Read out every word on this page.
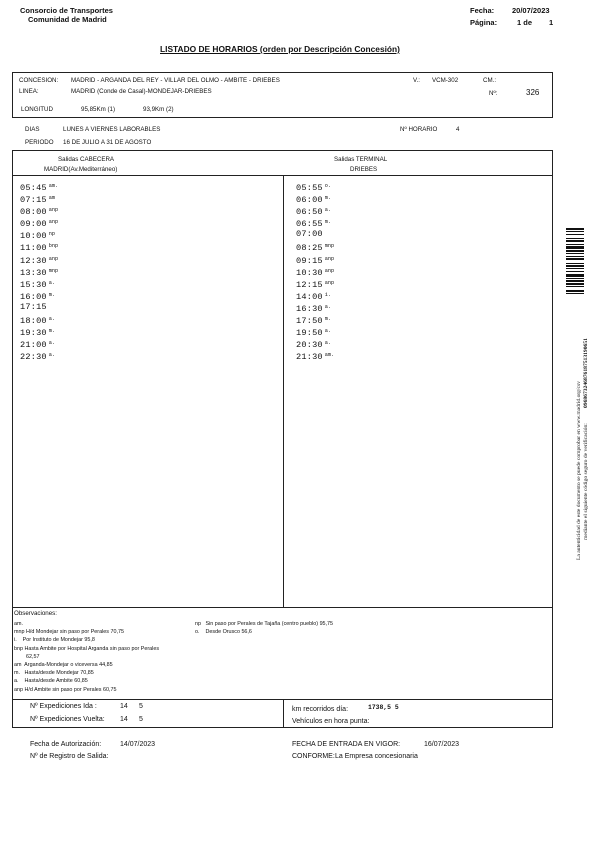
Consorcio de Transportes
Comunidad de Madrid
Fecha: 20/07/2023
Página:	1 de 1
LISTADO DE HORARIOS (orden por Descripción Concesión)
CONCESION: MADRID - ARGANDA DEL REY - VILLAR DEL OLMO - AMBITE - DRIEBES	V.: VCM-302	CM.:
LINEA:	MADRID (Conde de Casal)-MONDEJAR-DRIEBES	Nº:	326
LONGITUD	95,85Km (1)	93,9Km (2)
DIAS	LUNES A VIERNES LABORABLES	Nº HORARIO	4
PERIODO 16 DE JULIO A 31 DE AGOSTO
Salidas CABECERA
MADRID(Av.Mediterráneo)
Salidas TERMINAL
DRIEBES
05:45 $^{am.}$
07:15 $^{am}$
08:00 $^{anp}$
09:00 $^{anp}$
10:00 $^{np}$
11:00 $^{bnp}$
12:30 $^{anp}$
13:30 $^{mnp}$
15:30 $^{a.}$
16:00 $^{m.}$
17:15
18:00 $^{a.}$
19:30 $^{m.}$
21:00 $^{a.}$
22:30 $^{a.}$
05:55 $^{o.}$
06:00 $^{m.}$
06:50 $^{a.}$
06:55 $^{m.}$
07:00
08:25 $^{mnp}$
09:15 $^{anp}$
10:30 $^{anp}$
12:15 $^{anp}$
14:00 $^{i.}$
16:30 $^{a.}$
17:50 $^{m.}$
19:50 $^{a.}$
20:30 $^{a.}$
21:30 $^{am.}$
Observaciones:
am.
mnp H/d Mondejar sin paso por Perales 70,75
i.    Por Instituto de Mondejar 95,8
bnp Hasta Ambite por Hospital Arganda sin paso por Perales
62,57
am  Arganda-Mondejar o viceversa 44,85
m.   Hasta/desde Mondejar 70,85
a.    Hasta/desde Ambite 60,85
anp H/d Ambite sin paso por Perales 60,75
np   Sin paso por Perales de Tajaña (centro pueblo) 95,75
o.    Desde Orusco 56,6
Nº Expediciones Ida :	14 5
Nº Expediciones Vuelta: 14 5
km recorridos día:	1738,5 5
Vehículos en hora punta:
Fecha de Autorización:	14/07/2023
Nº de Registro de Salida:
FECHA DE ENTRADA EN VIGOR:	16/07/2023
CONFORME: La Empresa concesionaria
La autenticidad de este documento se puede comprobar en www.madrid.org/csv mediante el siguiente código seguro de verificación:
0968673246876187513190651
